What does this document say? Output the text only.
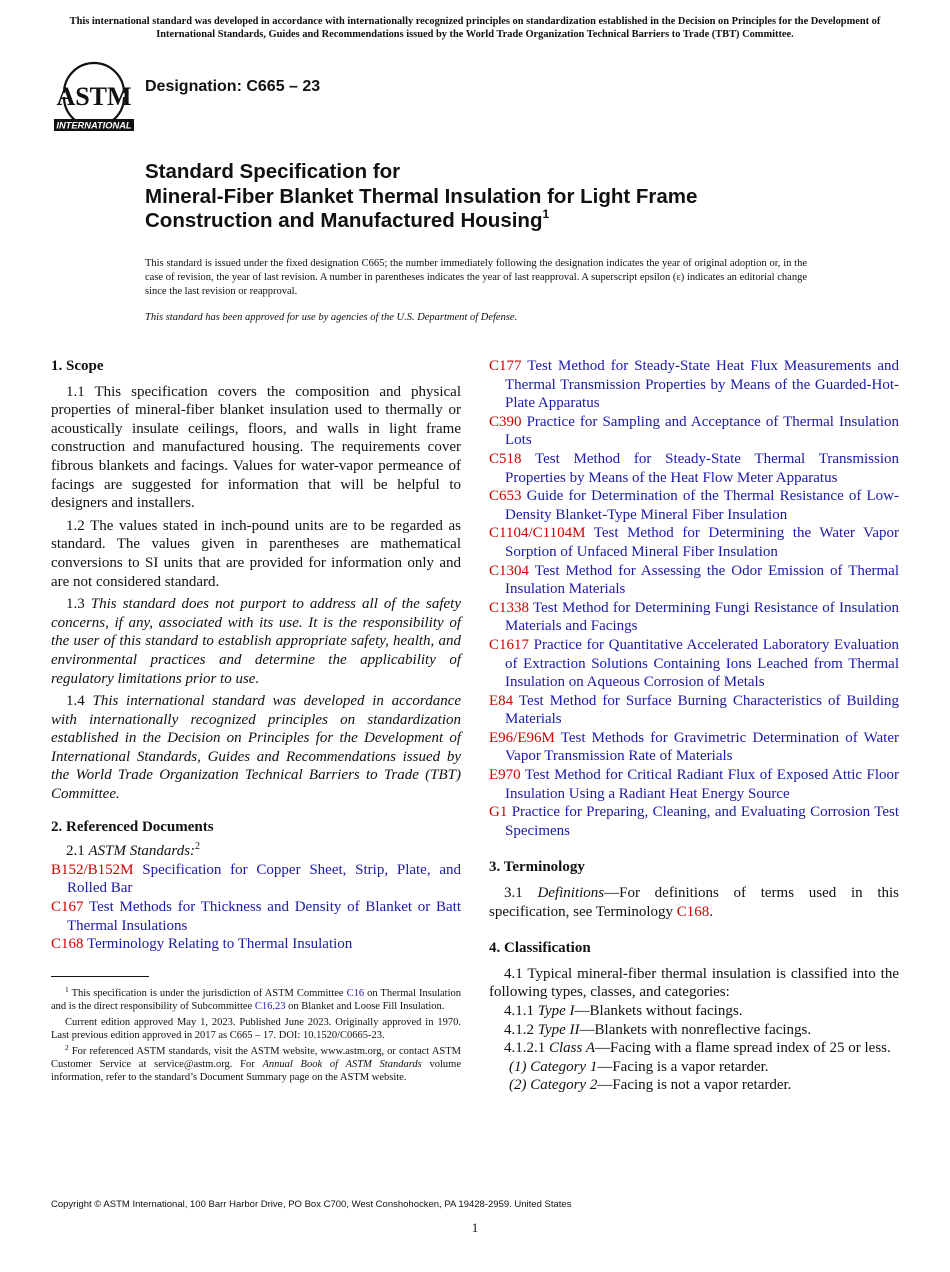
This international standard was developed in accordance with internationally recognized principles on standardization established in the Decision on Principles for the Development of International Standards, Guides and Recommendations issued by the World Trade Organization Technical Barriers to Trade (TBT) Committee.
ASTM
INTERNATIONAL
Designation: C665 – 23
Standard Specification for
Mineral-Fiber Blanket Thermal Insulation for Light Frame
Construction and Manufactured Housing$^1$
This standard is issued under the fixed designation C665; the number immediately following the designation indicates the year of original adoption or, in the case of revision, the year of last revision. A number in parentheses indicates the year of last reapproval. A superscript epsilon (ε) indicates an editorial change since the last revision or reapproval.
This standard has been approved for use by agencies of the U.S. Department of Defense.
1. Scope

1.1 This specification covers the composition and physical properties of mineral-fiber blanket insulation used to thermally or acoustically insulate ceilings, floors, and walls in light frame construction and manufactured housing. The requirements cover fibrous blankets and facings. Values for water-vapor permeance of facings are suggested for information that will be helpful to designers and installers.

1.2 The values stated in inch-pound units are to be regarded as standard. The values given in parentheses are mathematical conversions to SI units that are provided for information only and are not considered standard.

1.3 This standard does not purport to address all of the safety concerns, if any, associated with its use. It is the responsibility of the user of this standard to establish appropriate safety, health, and environmental practices and determine the applicability of regulatory limitations prior to use.

1.4 This international standard was developed in accordance with internationally recognized principles on standardization established in the Decision on Principles for the Development of International Standards, Guides and Recommendations issued by the World Trade Organization Technical Barriers to Trade (TBT) Committee.

2. Referenced Documents

2.1 ASTM Standards:$^2$

B152/B152M Specification for Copper Sheet, Strip, Plate, and Rolled Bar

C167 Test Methods for Thickness and Density of Blanket or Batt Thermal Insulations

C168 Terminology Relating to Thermal Insulation

C177 Test Method for Steady-State Heat Flux Measurements and Thermal Transmission Properties by Means of the Guarded-Hot-Plate Apparatus

C390 Practice for Sampling and Acceptance of Thermal Insulation Lots

C518 Test Method for Steady-State Thermal Transmission Properties by Means of the Heat Flow Meter Apparatus

C653 Guide for Determination of the Thermal Resistance of Low-Density Blanket-Type Mineral Fiber Insulation

C1104/C1104M Test Method for Determining the Water Vapor Sorption of Unfaced Mineral Fiber Insulation

C1304 Test Method for Assessing the Odor Emission of Thermal Insulation Materials

C1338 Test Method for Determining Fungi Resistance of Insulation Materials and Facings

C1617 Practice for Quantitative Accelerated Laboratory Evaluation of Extraction Solutions Containing Ions Leached from Thermal Insulation on Aqueous Corrosion of Metals

E84 Test Method for Surface Burning Characteristics of Building Materials

E96/E96M Test Methods for Gravimetric Determination of Water Vapor Transmission Rate of Materials

E970 Test Method for Critical Radiant Flux of Exposed Attic Floor Insulation Using a Radiant Heat Energy Source

G1 Practice for Preparing, Cleaning, and Evaluating Corrosion Test Specimens

3. Terminology

3.1 Definitions—For definitions of terms used in this specification, see Terminology C168.

4. Classification

4.1 Typical mineral-fiber thermal insulation is classified into the following types, classes, and categories:

4.1.1 Type I—Blankets without facings.

4.1.2 Type II—Blankets with nonreflective facings.

4.1.2.1 Class A—Facing with a flame spread index of 25 or less.

(1) Category 1—Facing is a vapor retarder.

(2) Category 2—Facing is not a vapor retarder.

$^1$ This specification is under the jurisdiction of ASTM Committee C16 on Thermal Insulation and is the direct responsibility of Subcommittee C16.23 on Blanket and Loose Fill Insulation.

Current edition approved May 1, 2023. Published June 2023. Originally approved in 1970. Last previous edition approved in 2017 as C665 – 17. DOI: 10.1520/C0665-23.

$^2$ For referenced ASTM standards, visit the ASTM website, www.astm.org, or contact ASTM Customer Service at service@astm.org. For Annual Book of ASTM Standards volume information, refer to the standard’s Document Summary page on the ASTM website.

Copyright © ASTM International, 100 Barr Harbor Drive, PO Box C700, West Conshohocken, PA 19428-2959. United States
1
